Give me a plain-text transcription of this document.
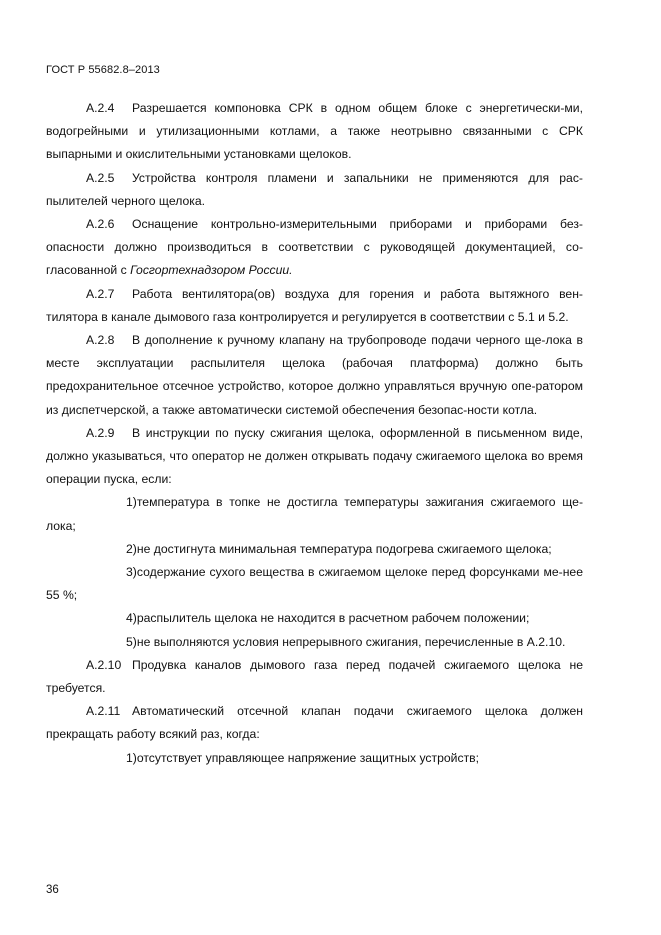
ГОСТ Р 55682.8–2013

А.2.4 Разрешается компоновка СРК в одном общем блоке с энергетически-ми, водогрейными и утилизационными котлами, а также неотрывно связанными с СРК выпарными и окислительными установками щелоков.

А.2.5 Устройства контроля пламени и запальники не применяются для рас-пылителей черного щелока.

А.2.6 Оснащение контрольно-измерительными приборами и приборами без-опасности должно производиться в соответствии с руководящей документацией, со-гласованной с Госгортехнадзором России.

А.2.7 Работа вентилятора(ов) воздуха для горения и работа вытяжного вен-тилятора в канале дымового газа контролируется и регулируется в соответствии с 5.1 и 5.2.

А.2.8 В дополнение к ручному клапану на трубопроводе подачи черного ще-лока в месте эксплуатации распылителя щелока (рабочая платформа) должно быть предохранительное отсечное устройство, которое должно управляться вручную опе-ратором из диспетчерской, а также автоматически системой обеспечения безопас-ности котла.

А.2.9 В инструкции по пуску сжигания щелока, оформленной в письменном виде, должно указываться, что оператор не должен открывать подачу сжигаемого щелока во время операции пуска, если:

1)температура в топке не достигла температуры зажигания сжигаемого ще-лока;

2)не достигнута минимальная температура подогрева сжигаемого щелока;

3)содержание сухого вещества в сжигаемом щелоке перед форсунками ме-нее 55 %;

4)распылитель щелока не находится в расчетном рабочем положении;

5)не выполняются условия непрерывного сжигания, перечисленные в А.2.10.

А.2.10 Продувка каналов дымового газа перед подачей сжигаемого щелока не требуется.

А.2.11 Автоматический отсечной клапан подачи сжигаемого щелока должен прекращать работу всякий раз, когда:

1)отсутствует управляющее напряжение защитных устройств;

36
